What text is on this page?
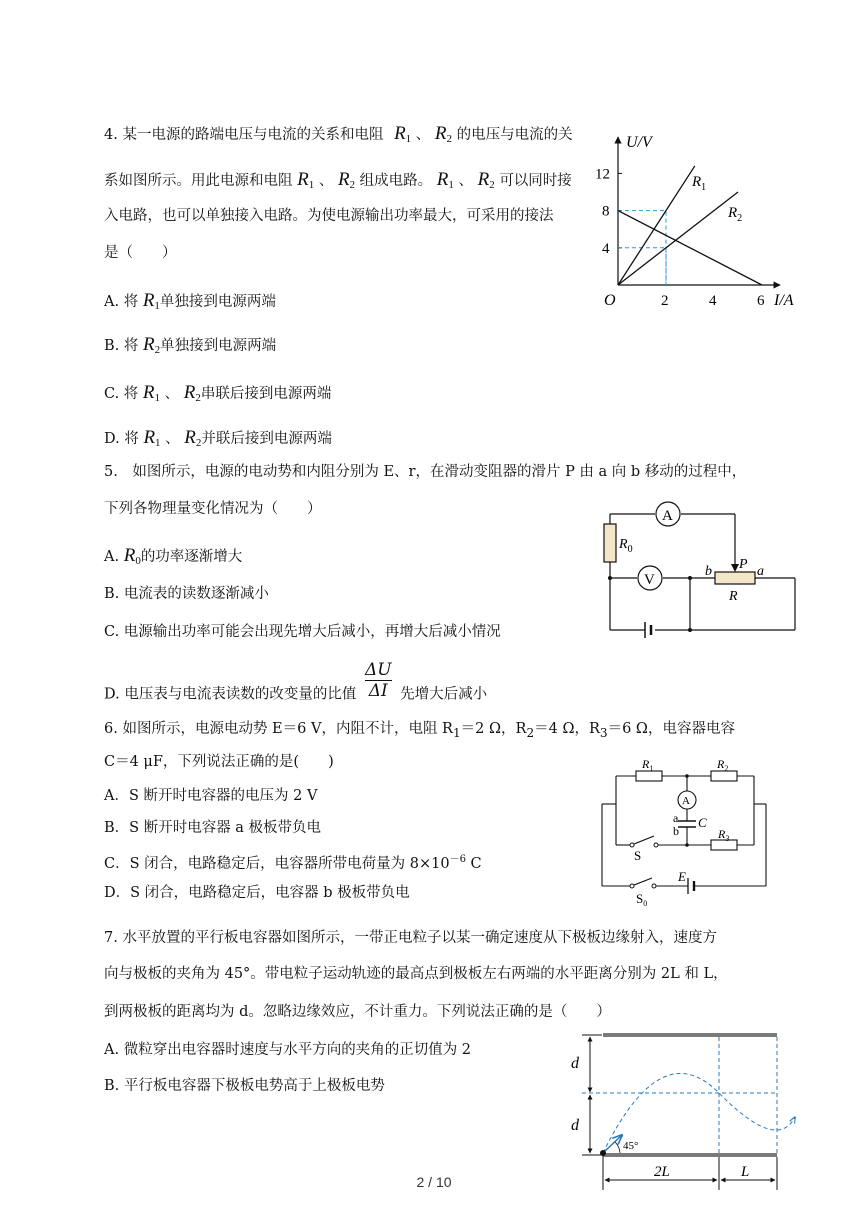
4. 某一电源的路端电压与电流的关系和电阻 $R_1$ 、 $R_2$ 的电压与电流的关
系如图所示。用此电源和电阻 $R_1$ 、 $R_2$ 组成电路。 $R_1$ 、 $R_2$ 可以同时接
入电路，也可以单独接入电路。为使电源输出功率最大，可采用的接法
是（　　）
A. 将 $R_1$单独接到电源两端
B. 将 $R_2$单独接到电源两端
C. 将 $R_1$ 、 $R_2$串联后接到电源两端
D. 将 $R_1$ 、 $R_2$并联后接到电源两端
U/V
I/A
O	2	4	6
4
8
12	$R_1$
$R_2$
5.　如图所示，电源的电动势和内阻分别为 E、r，在滑动变阻器的滑片 P 由 a 向 b 移动的过程中，
下列各物理量变化情况为（　　）
A. $R_0$的功率逐渐增大
B. 电流表的读数逐渐减小
C. 电源输出功率可能会出现先增大后减小，再增大后减小情况
D. 电压表与电流表读数的改变量的比值 $\frac{\Delta U}{\Delta I}$ 先增大后减小
A
V
$R_0$
P
b	a
R
6. 如图所示，电源电动势 E＝6 V，内阻不计，电阻 $R_1=2$ Ω，$R_2=4$ Ω，$R_3=6$ Ω，电容器电容
C＝4 μF，下列说法正确的是(　　)
A．S 断开时电容器的电压为 2 V
B．S 断开时电容器 a 极板带负电
C．S 闭合，电路稳定后，电容器所带电荷量为 $8\times 10^{-6}$ C
D．S 闭合，电路稳定后，电容器 b 极板带负电
$R_1$	$R_2$
$R_3$
A
a
b
C
S
$S_0$
E
7. 水平放置的平行板电容器如图所示，一带正电粒子以某一确定速度从下极板边缘射入，速度方
向与极板的夹角为 45°。带电粒子运动轨迹的最高点到极板左右两端的水平距离分别为 2L 和 L，
到两极板的距离均为 d。忽略边缘效应，不计重力。下列说法正确的是（　　）
A. 微粒穿出电容器时速度与水平方向的夹角的正切值为 2
B. 平行板电容器下极板电势高于上极板电势
d
d
45°
2L	L
2 / 10
